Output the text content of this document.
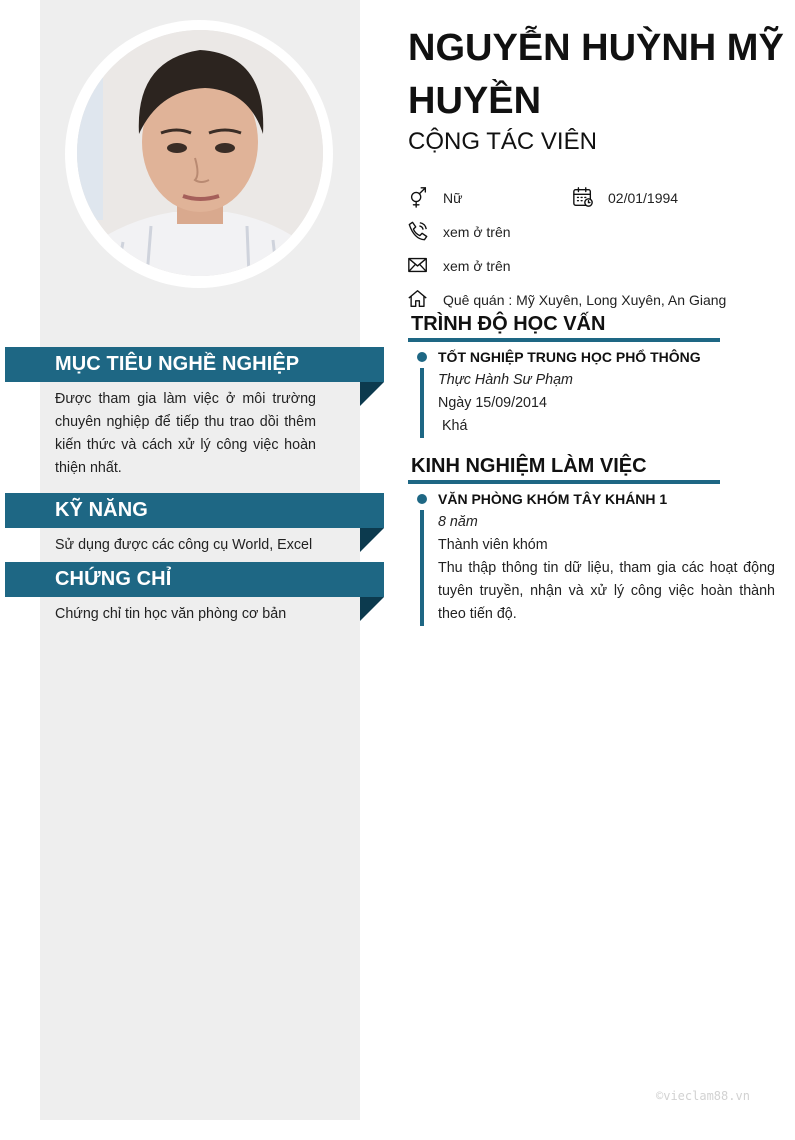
NGUYỄN HUỲNH MỸ HUYỀN
CỘNG TÁC VIÊN
Nữ	02/01/1994
xem ở trên
xem ở trên
Quê quán : Mỹ Xuyên, Long Xuyên, An Giang
MỤC TIÊU NGHỀ NGHIỆP
Được tham gia làm việc ở môi trường chuyên nghiệp để tiếp thu trao dồi thêm kiến thức và cách xử lý công việc hoàn thiện nhất.
KỸ NĂNG
Sử dụng được các công cụ World, Excel
CHỨNG CHỈ
Chứng chỉ tin học văn phòng cơ bản
TRÌNH ĐỘ HỌC VẤN
TỐT NGHIỆP TRUNG HỌC PHỔ THÔNG
Thực Hành Sư Phạm
Ngày 15/09/2014
Khá
KINH NGHIỆM LÀM VIỆC
VĂN PHÒNG KHÓM TÂY KHÁNH 1
8 năm
Thành viên khóm
Thu thập thông tin dữ liệu, tham gia các hoạt động tuyên truyền, nhận và xử lý công việc hoàn thành theo tiến độ.
©vieclam88.vn
